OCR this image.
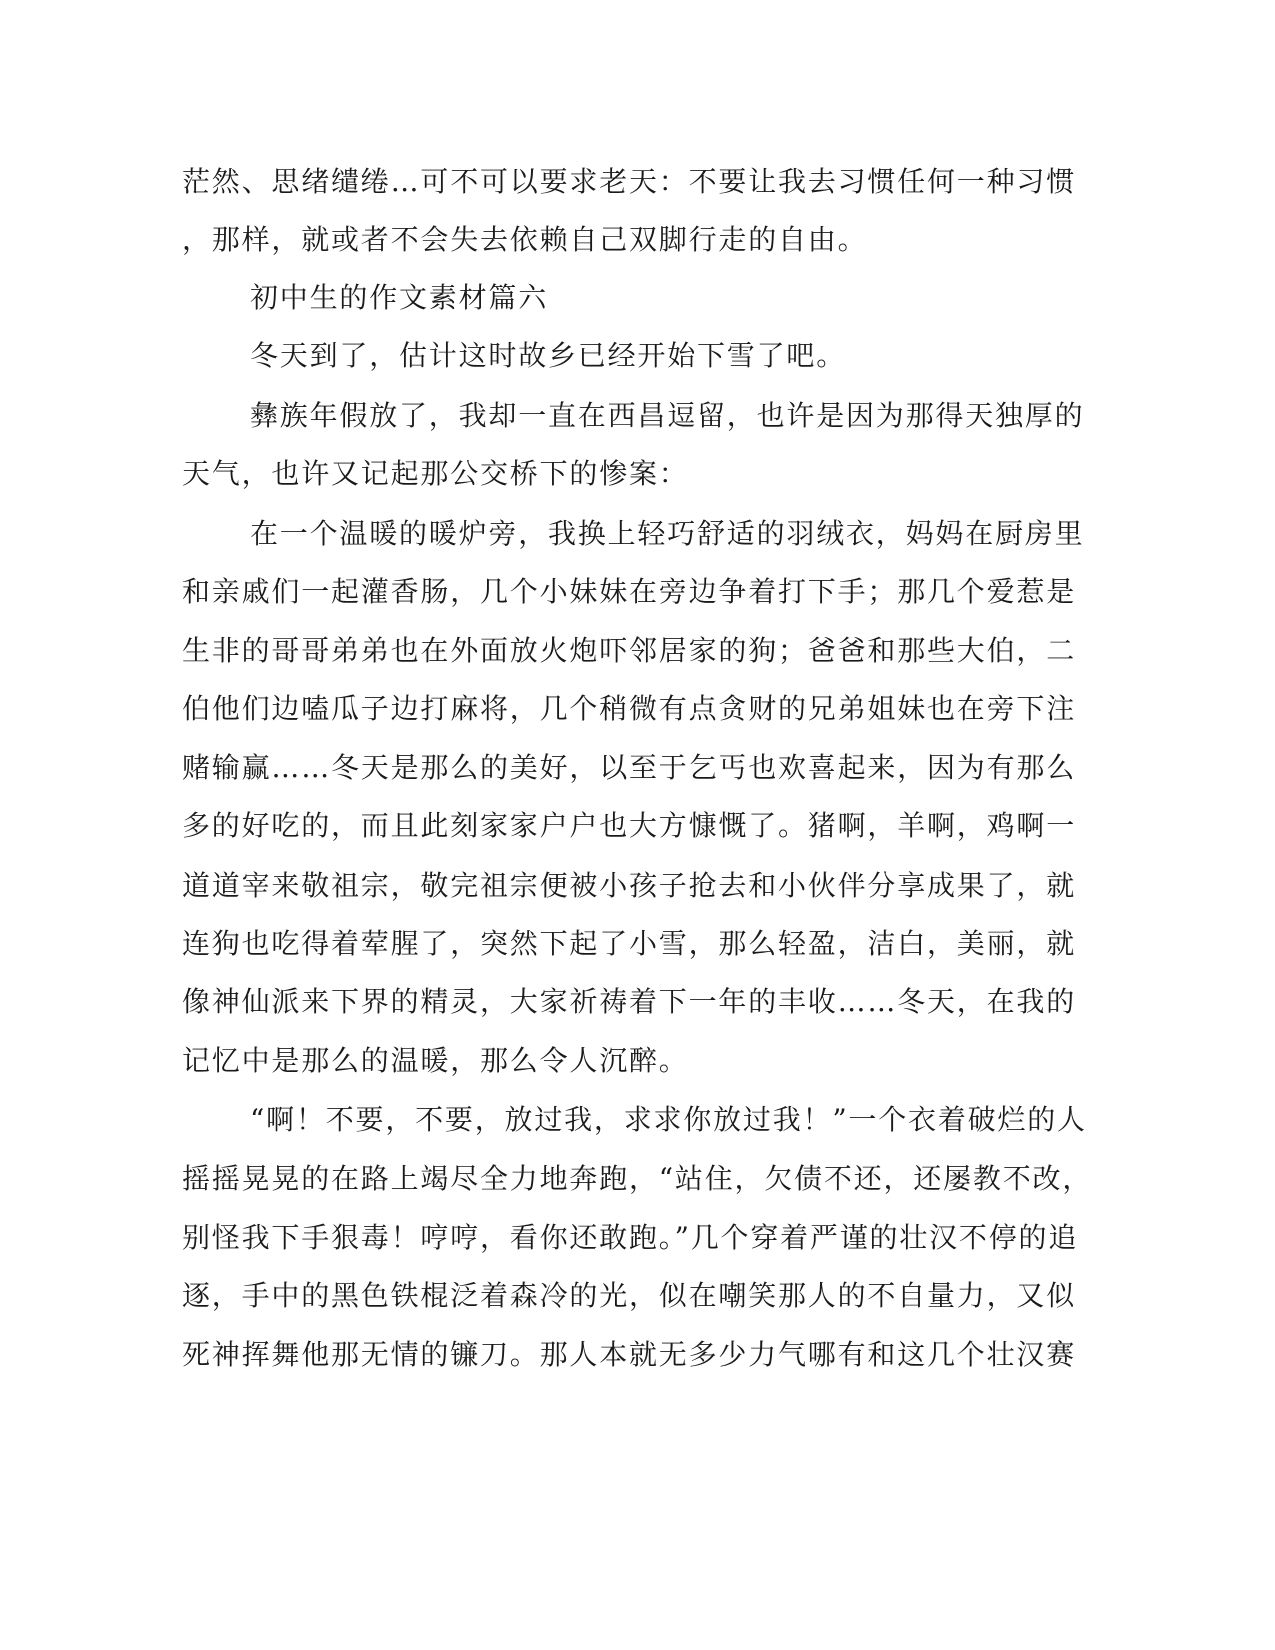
茫然、思绪缱绻…可不可以要求老天：不要让我去习惯任何一种习惯
，那样，就或者不会失去依赖自己双脚行走的自由。
初中生的作文素材篇六
冬天到了，估计这时故乡已经开始下雪了吧。
彝族年假放了，我却一直在西昌逗留，也许是因为那得天独厚的
天气，也许又记起那公交桥下的惨案：
在一个温暖的暖炉旁，我换上轻巧舒适的羽绒衣，妈妈在厨房里
和亲戚们一起灌香肠，几个小妹妹在旁边争着打下手；那几个爱惹是
生非的哥哥弟弟也在外面放火炮吓邻居家的狗；爸爸和那些大伯，二
伯他们边嗑瓜子边打麻将，几个稍微有点贪财的兄弟姐妹也在旁下注
赌输赢……冬天是那么的美好，以至于乞丐也欢喜起来，因为有那么
多的好吃的，而且此刻家家户户也大方慷慨了。猪啊，羊啊，鸡啊一
道道宰来敬祖宗，敬完祖宗便被小孩子抢去和小伙伴分享成果了，就
连狗也吃得着荤腥了，突然下起了小雪，那么轻盈，洁白，美丽，就
像神仙派来下界的精灵，大家祈祷着下一年的丰收……冬天，在我的
记忆中是那么的温暖，那么令人沉醉。
“啊！不要，不要，放过我，求求你放过我！”一个衣着破烂的人
摇摇晃晃的在路上竭尽全力地奔跑，“站住，欠债不还，还屡教不改，
别怪我下手狠毒！哼哼，看你还敢跑。”几个穿着严谨的壮汉不停的追
逐，手中的黑色铁棍泛着森冷的光，似在嘲笑那人的不自量力，又似
死神挥舞他那无情的镰刀。那人本就无多少力气哪有和这几个壮汉赛
